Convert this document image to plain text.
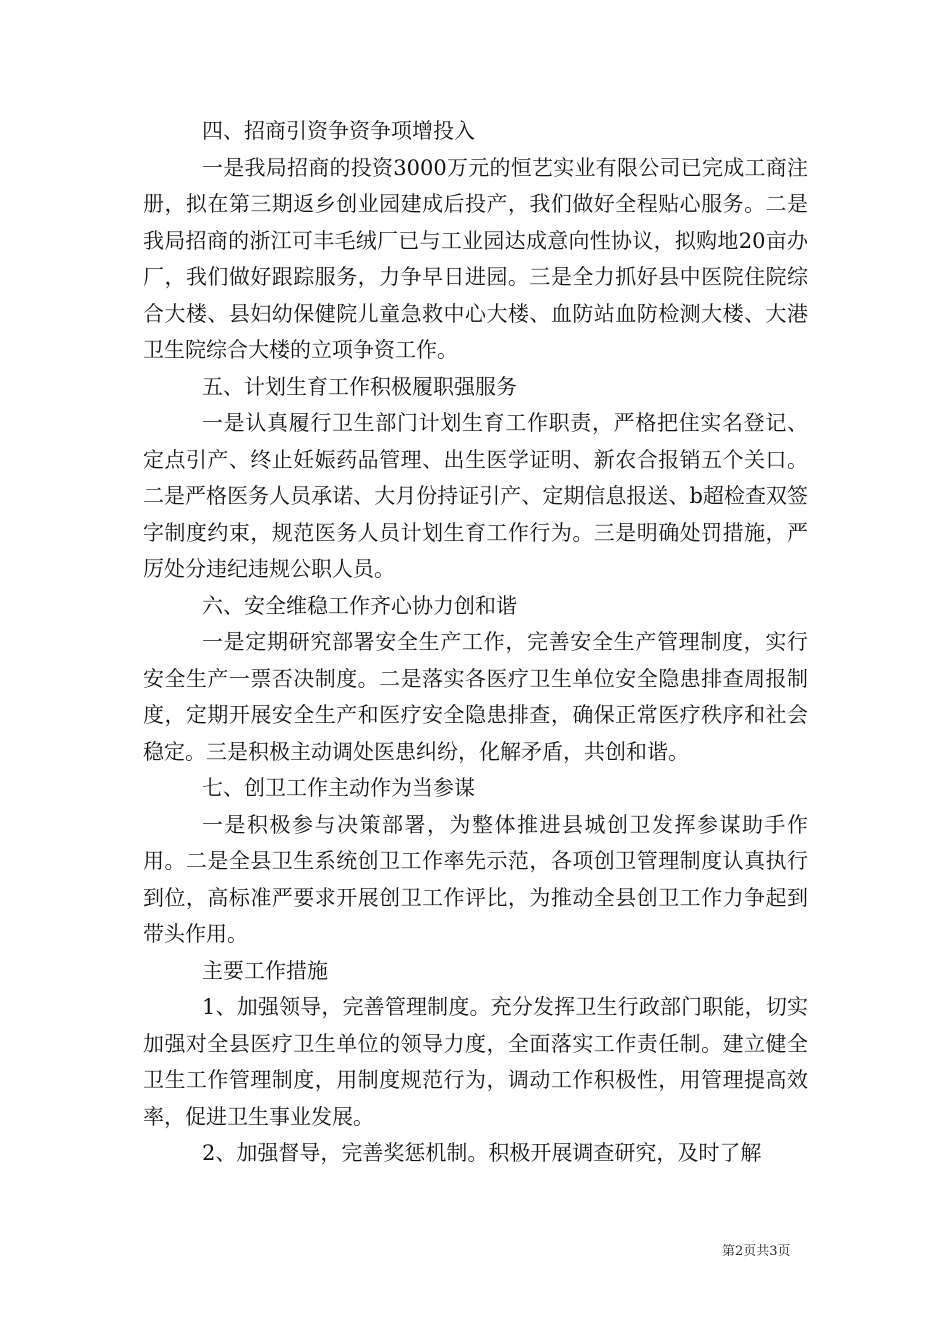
四、招商引资争资争项增投入

一是我局招商的投资3000万元的恒艺实业有限公司已完成工商注册，拟在第三期返乡创业园建成后投产，我们做好全程贴心服务。二是我局招商的浙江可丰毛绒厂已与工业园达成意向性协议，拟购地20亩办厂，我们做好跟踪服务，力争早日进园。三是全力抓好县中医院住院综合大楼、县妇幼保健院儿童急救中心大楼、血防站血防检测大楼、大港卫生院综合大楼的立项争资工作。

五、计划生育工作积极履职强服务

一是认真履行卫生部门计划生育工作职责，严格把住实名登记、定点引产、终止妊娠药品管理、出生医学证明、新农合报销五个关口。二是严格医务人员承诺、大月份持证引产、定期信息报送、b超检查双签字制度约束，规范医务人员计划生育工作行为。三是明确处罚措施，严厉处分违纪违规公职人员。

六、安全维稳工作齐心协力创和谐

一是定期研究部署安全生产工作，完善安全生产管理制度，实行安全生产一票否决制度。二是落实各医疗卫生单位安全隐患排查周报制度，定期开展安全生产和医疗安全隐患排查，确保正常医疗秩序和社会稳定。三是积极主动调处医患纠纷，化解矛盾，共创和谐。

七、创卫工作主动作为当参谋

一是积极参与决策部署，为整体推进县城创卫发挥参谋助手作用。二是全县卫生系统创卫工作率先示范，各项创卫管理制度认真执行到位，高标准严要求开展创卫工作评比，为推动全县创卫工作力争起到带头作用。

主要工作措施

1、加强领导，完善管理制度。充分发挥卫生行政部门职能，切实加强对全县医疗卫生单位的领导力度，全面落实工作责任制。建立健全卫生工作管理制度，用制度规范行为，调动工作积极性，用管理提高效率，促进卫生事业发展。

2、加强督导，完善奖惩机制。积极开展调查研究，及时了解

第2页共3页
